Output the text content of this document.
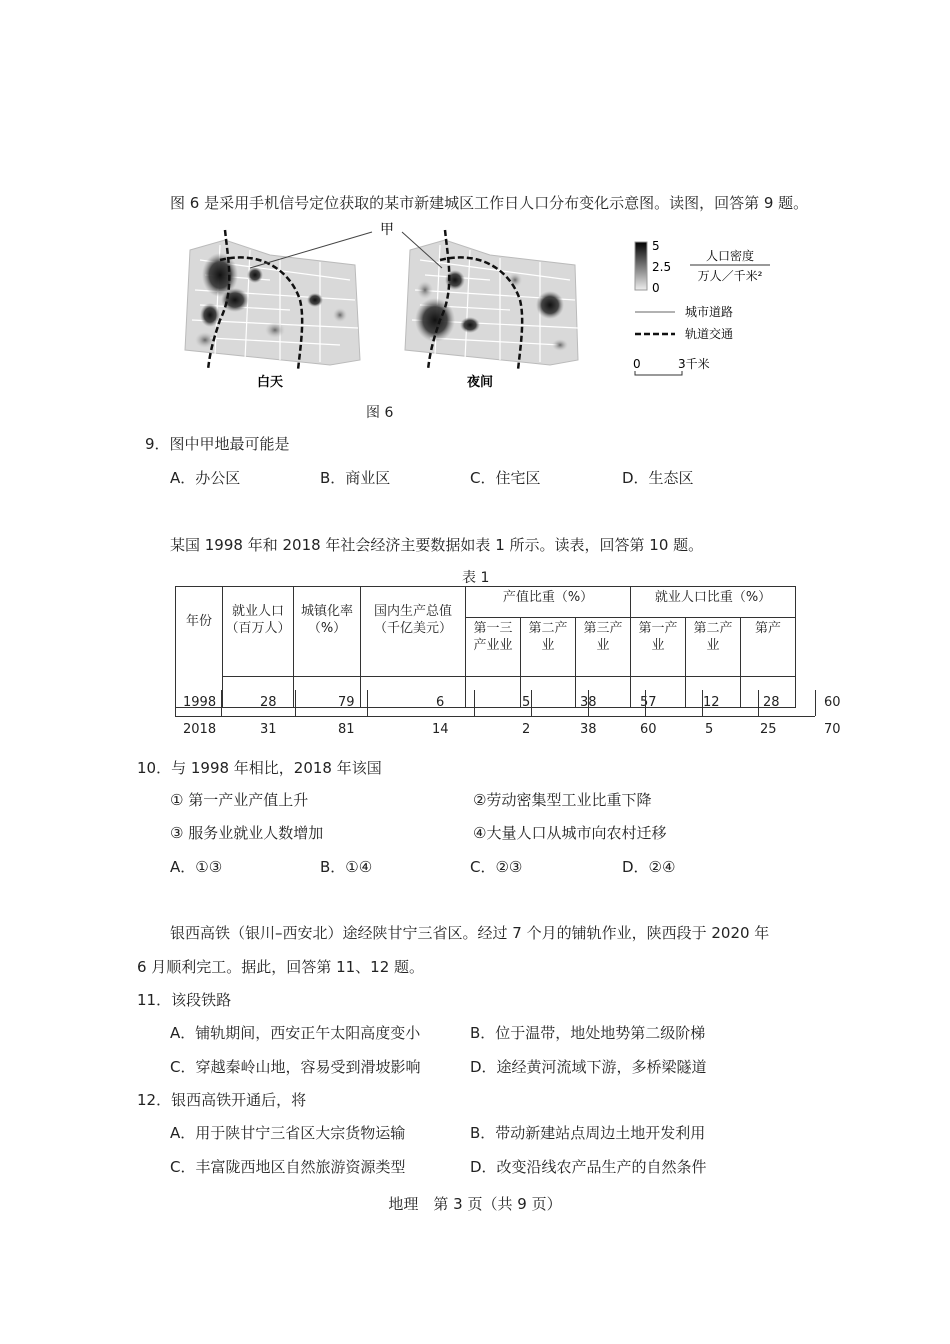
图 6 是采用手机信号定位获取的某市新建城区工作日人口分布变化示意图。读图，回答第 9 题。
甲
白天	夜间
5
2.5
0
人口密度
万人／千米²
城市道路
轨道交通
0	3千米
图 6
9．图中甲地最可能是
A．办公区	B．商业区	C．住宅区	D．生态区
某国 1998 年和 2018 年社会经济主要数据如表 1 所示。读表，回答第 10 题。
表 1
年份	就业人口（百万人）	城镇化率（%）	国内生产总值（千亿美元）	产值比重（%）			就业人口比重（%）		
				第一三产业业	第二产业	第三产业	第一产业	第二产业	第产

1998	28	79	6	5	38	57	12	28	60
2018	31	81	14	2	38	60	5	25	70
10．与 1998 年相比，2018 年该国
① 第一产业产值上升	②劳动密集型工业比重下降
③ 服务业就业人数增加	④大量人口从城市向农村迁移
A．①③	B．①④	C．②③	D．②④
银西高铁（银川–西安北）途经陕甘宁三省区。经过 7 个月的铺轨作业，陕西段于 2020 年
6 月顺利完工。据此，回答第 11、12 题。
11．该段铁路
A．铺轨期间，西安正午太阳高度变小	B．位于温带，地处地势第二级阶梯
C．穿越秦岭山地，容易受到滑坡影响	D．途经黄河流域下游，多桥梁隧道
12．银西高铁开通后，将
A．用于陕甘宁三省区大宗货物运输	B．带动新建站点周边土地开发利用
C．丰富陇西地区自然旅游资源类型	D．改变沿线农产品生产的自然条件
地理　第 3 页（共 9 页）
